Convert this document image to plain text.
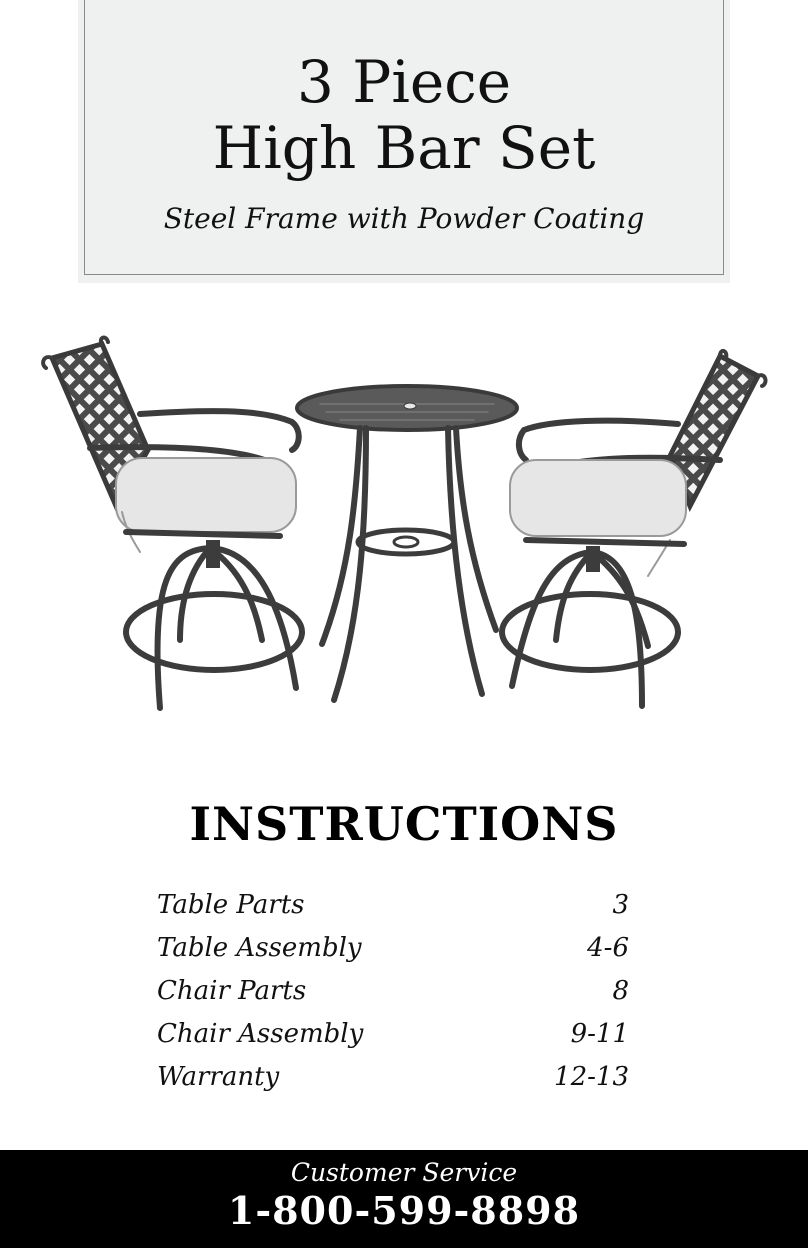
3 Piece
High Bar Set
Steel Frame with Powder Coating
INSTRUCTIONS
Table Parts	3
Table Assembly	4-6
Chair Parts	8
Chair Assembly	9-11
Warranty	12-13
Customer Service
1-800-599-8898
